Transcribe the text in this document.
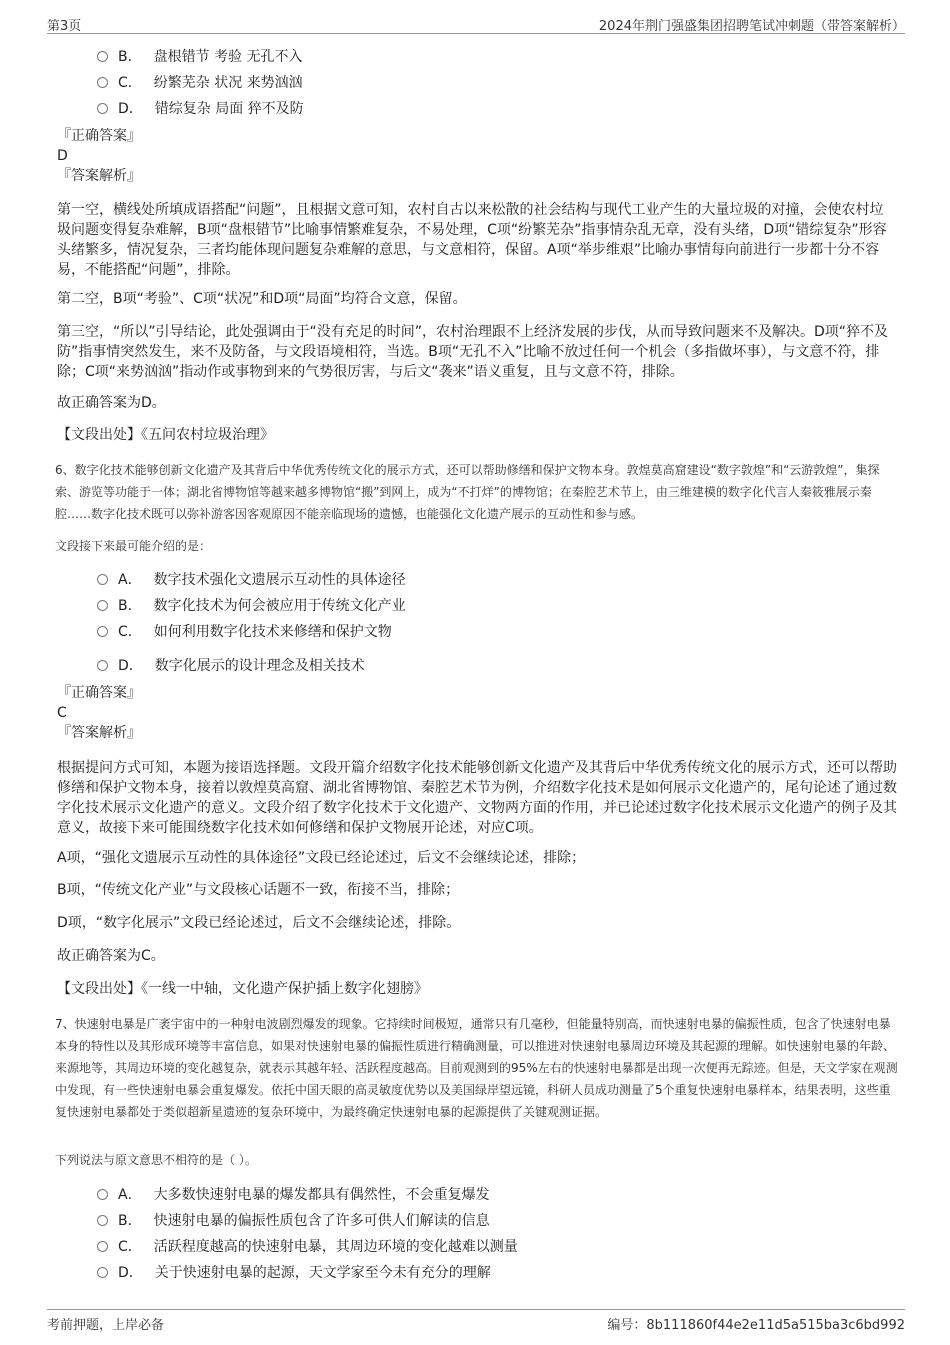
第3页	2024年荆门强盛集团招聘笔试冲刺题（带答案解析）
B． 盘根错节 考验 无孔不入
C． 纷繁芜杂 状况 来势汹汹
D． 错综复杂 局面 猝不及防
『正确答案』
D
『答案解析』
第一空，横线处所填成语搭配“问题”，且根据文意可知，农村自古以来松散的社会结构与现代工业产生的大量垃圾的对撞，会使农村垃圾问题变得复杂难解，B项“盘根错节”比喻事情繁难复杂，不易处理，C项“纷繁芜杂”指事情杂乱无章，没有头绪，D项“错综复杂”形容头绪繁多，情况复杂，三者均能体现问题复杂难解的意思，与文意相符，保留。A项“举步维艰”比喻办事情每向前进行一步都十分不容易，不能搭配“问题”，排除。
第二空，B项“考验”、C项“状况”和D项“局面”均符合文意，保留。
第三空，“所以”引导结论，此处强调由于“没有充足的时间”，农村治理跟不上经济发展的步伐，从而导致问题来不及解决。D项“猝不及防”指事情突然发生，来不及防备，与文段语境相符，当选。B项“无孔不入”比喻不放过任何一个机会（多指做坏事），与文意不符，排除；C项“来势汹汹”指动作或事物到来的气势很厉害，与后文“袭来”语义重复，且与文意不符，排除。
故正确答案为D。
【文段出处】《五问农村垃圾治理》
6、数字化技术能够创新文化遗产及其背后中华优秀传统文化的展示方式，还可以帮助修缮和保护文物本身。敦煌莫高窟建设“数字敦煌”和“云游敦煌”，集探索、游览等功能于一体；湖北省博物馆等越来越多博物馆“搬”到网上，成为“不打烊”的博物馆；在秦腔艺术节上，由三维建模的数字化代言人秦筱雅展示秦腔……数字化技术既可以弥补游客因客观原因不能亲临现场的遗憾，也能强化文化遗产展示的互动性和参与感。
文段接下来最可能介绍的是：
A． 数字技术强化文遗展示互动性的具体途径
B． 数字化技术为何会被应用于传统文化产业
C． 如何利用数字化技术来修缮和保护文物
D． 数字化展示的设计理念及相关技术
『正确答案』
C
『答案解析』
根据提问方式可知，本题为接语选择题。文段开篇介绍数字化技术能够创新文化遗产及其背后中华优秀传统文化的展示方式，还可以帮助修缮和保护文物本身，接着以敦煌莫高窟、湖北省博物馆、秦腔艺术节为例，介绍数字化技术是如何展示文化遗产的，尾句论述了通过数字化技术展示文化遗产的意义。文段介绍了数字化技术于文化遗产、文物两方面的作用，并已论述过数字化技术展示文化遗产的例子及其意义，故接下来可能围绕数字化技术如何修缮和保护文物展开论述，对应C项。
A项，“强化文遗展示互动性的具体途径”文段已经论述过，后文不会继续论述，排除；
B项，“传统文化产业”与文段核心话题不一致，衔接不当，排除；
D项，“数字化展示”文段已经论述过，后文不会继续论述，排除。
故正确答案为C。
【文段出处】《一线一中轴，文化遗产保护插上数字化翅膀》
7、快速射电暴是广袤宇宙中的一种射电波剧烈爆发的现象。它持续时间极短，通常只有几毫秒，但能量特别高，而快速射电暴的偏振性质，包含了快速射电暴本身的特性以及其形成环境等丰富信息，如果对快速射电暴的偏振性质进行精确测量，可以推进对快速射电暴周边环境及其起源的理解。如快速射电暴的年龄、来源地等，其周边环境的变化越复杂，就表示其越年轻、活跃程度越高。目前观测到的95%左右的快速射电暴都是出现一次便再无踪迹。但是，天文学家在观测中发现，有一些快速射电暴会重复爆发。依托中国天眼的高灵敏度优势以及美国绿岸望远镜，科研人员成功测量了5个重复快速射电暴样本，结果表明，这些重复快速射电暴都处于类似超新星遗迹的复杂环境中，为最终确定快速射电暴的起源提供了关键观测证据。
下列说法与原文意思不相符的是（ ）。
A． 大多数快速射电暴的爆发都具有偶然性，不会重复爆发
B． 快速射电暴的偏振性质包含了许多可供人们解读的信息
C． 活跃程度越高的快速射电暴，其周边环境的变化越难以测量
D． 关于快速射电暴的起源，天文学家至今未有充分的理解
考前押题，上岸必备	编号：8b111860f44e2e11d5a515ba3c6bd992
